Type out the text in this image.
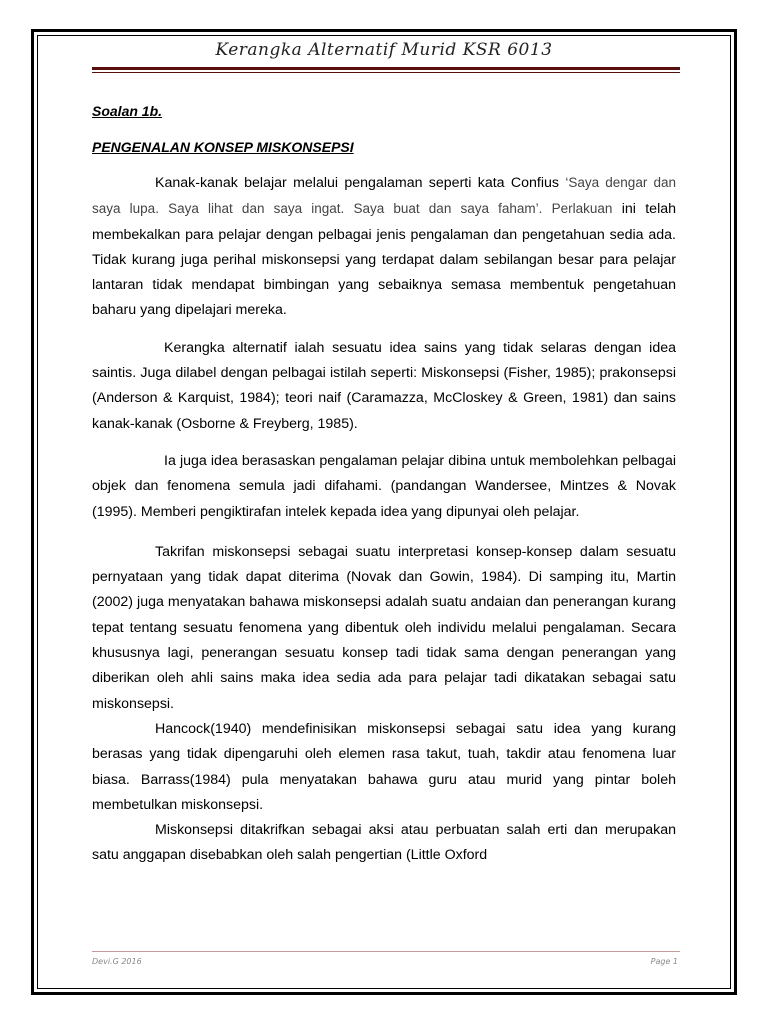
Kerangka Alternatif Murid KSR 6013

Soalan 1b.

PENGENALAN KONSEP MISKONSEPSI

Kanak-kanak belajar melalui pengalaman seperti kata Confius ‘Saya dengar dan saya lupa. Saya lihat dan saya ingat. Saya buat dan saya faham’. Perlakuan ini telah membekalkan para pelajar dengan pelbagai jenis pengalaman dan pengetahuan sedia ada. Tidak kurang juga perihal miskonsepsi yang terdapat dalam sebilangan besar para pelajar lantaran tidak mendapat bimbingan yang sebaiknya semasa membentuk pengetahuan baharu yang dipelajari mereka.

Kerangka alternatif ialah sesuatu idea sains yang tidak selaras dengan idea saintis. Juga dilabel dengan pelbagai istilah seperti: Miskonsepsi (Fisher, 1985); prakonsepsi (Anderson & Karquist, 1984); teori naif (Caramazza, McCloskey & Green, 1981) dan sains kanak-kanak (Osborne & Freyberg, 1985).

Ia juga idea berasaskan pengalaman pelajar dibina untuk membolehkan pelbagai objek dan fenomena semula jadi difahami. (pandangan Wandersee, Mintzes & Novak (1995). Memberi pengiktirafan intelek kepada idea yang dipunyai oleh pelajar.

Takrifan miskonsepsi sebagai suatu interpretasi konsep-konsep dalam sesuatu pernyataan yang tidak dapat diterima (Novak dan Gowin, 1984). Di samping itu, Martin (2002) juga menyatakan bahawa miskonsepsi adalah suatu andaian dan penerangan kurang tepat tentang sesuatu fenomena yang dibentuk oleh individu melalui pengalaman. Secara khususnya lagi, penerangan sesuatu konsep tadi tidak sama dengan penerangan yang diberikan oleh ahli sains maka idea sedia ada para pelajar tadi dikatakan sebagai satu miskonsepsi.

Hancock(1940) mendefinisikan miskonsepsi sebagai satu idea yang kurang berasas yang tidak dipengaruhi oleh elemen rasa takut, tuah, takdir atau fenomena luar biasa. Barrass(1984) pula menyatakan bahawa guru atau murid yang pintar boleh membetulkan miskonsepsi.

Miskonsepsi ditakrifkan sebagai aksi atau perbuatan salah erti dan merupakan satu anggapan disebabkan oleh salah pengertian (Little Oxford

Devi.G 2016	Page 1
